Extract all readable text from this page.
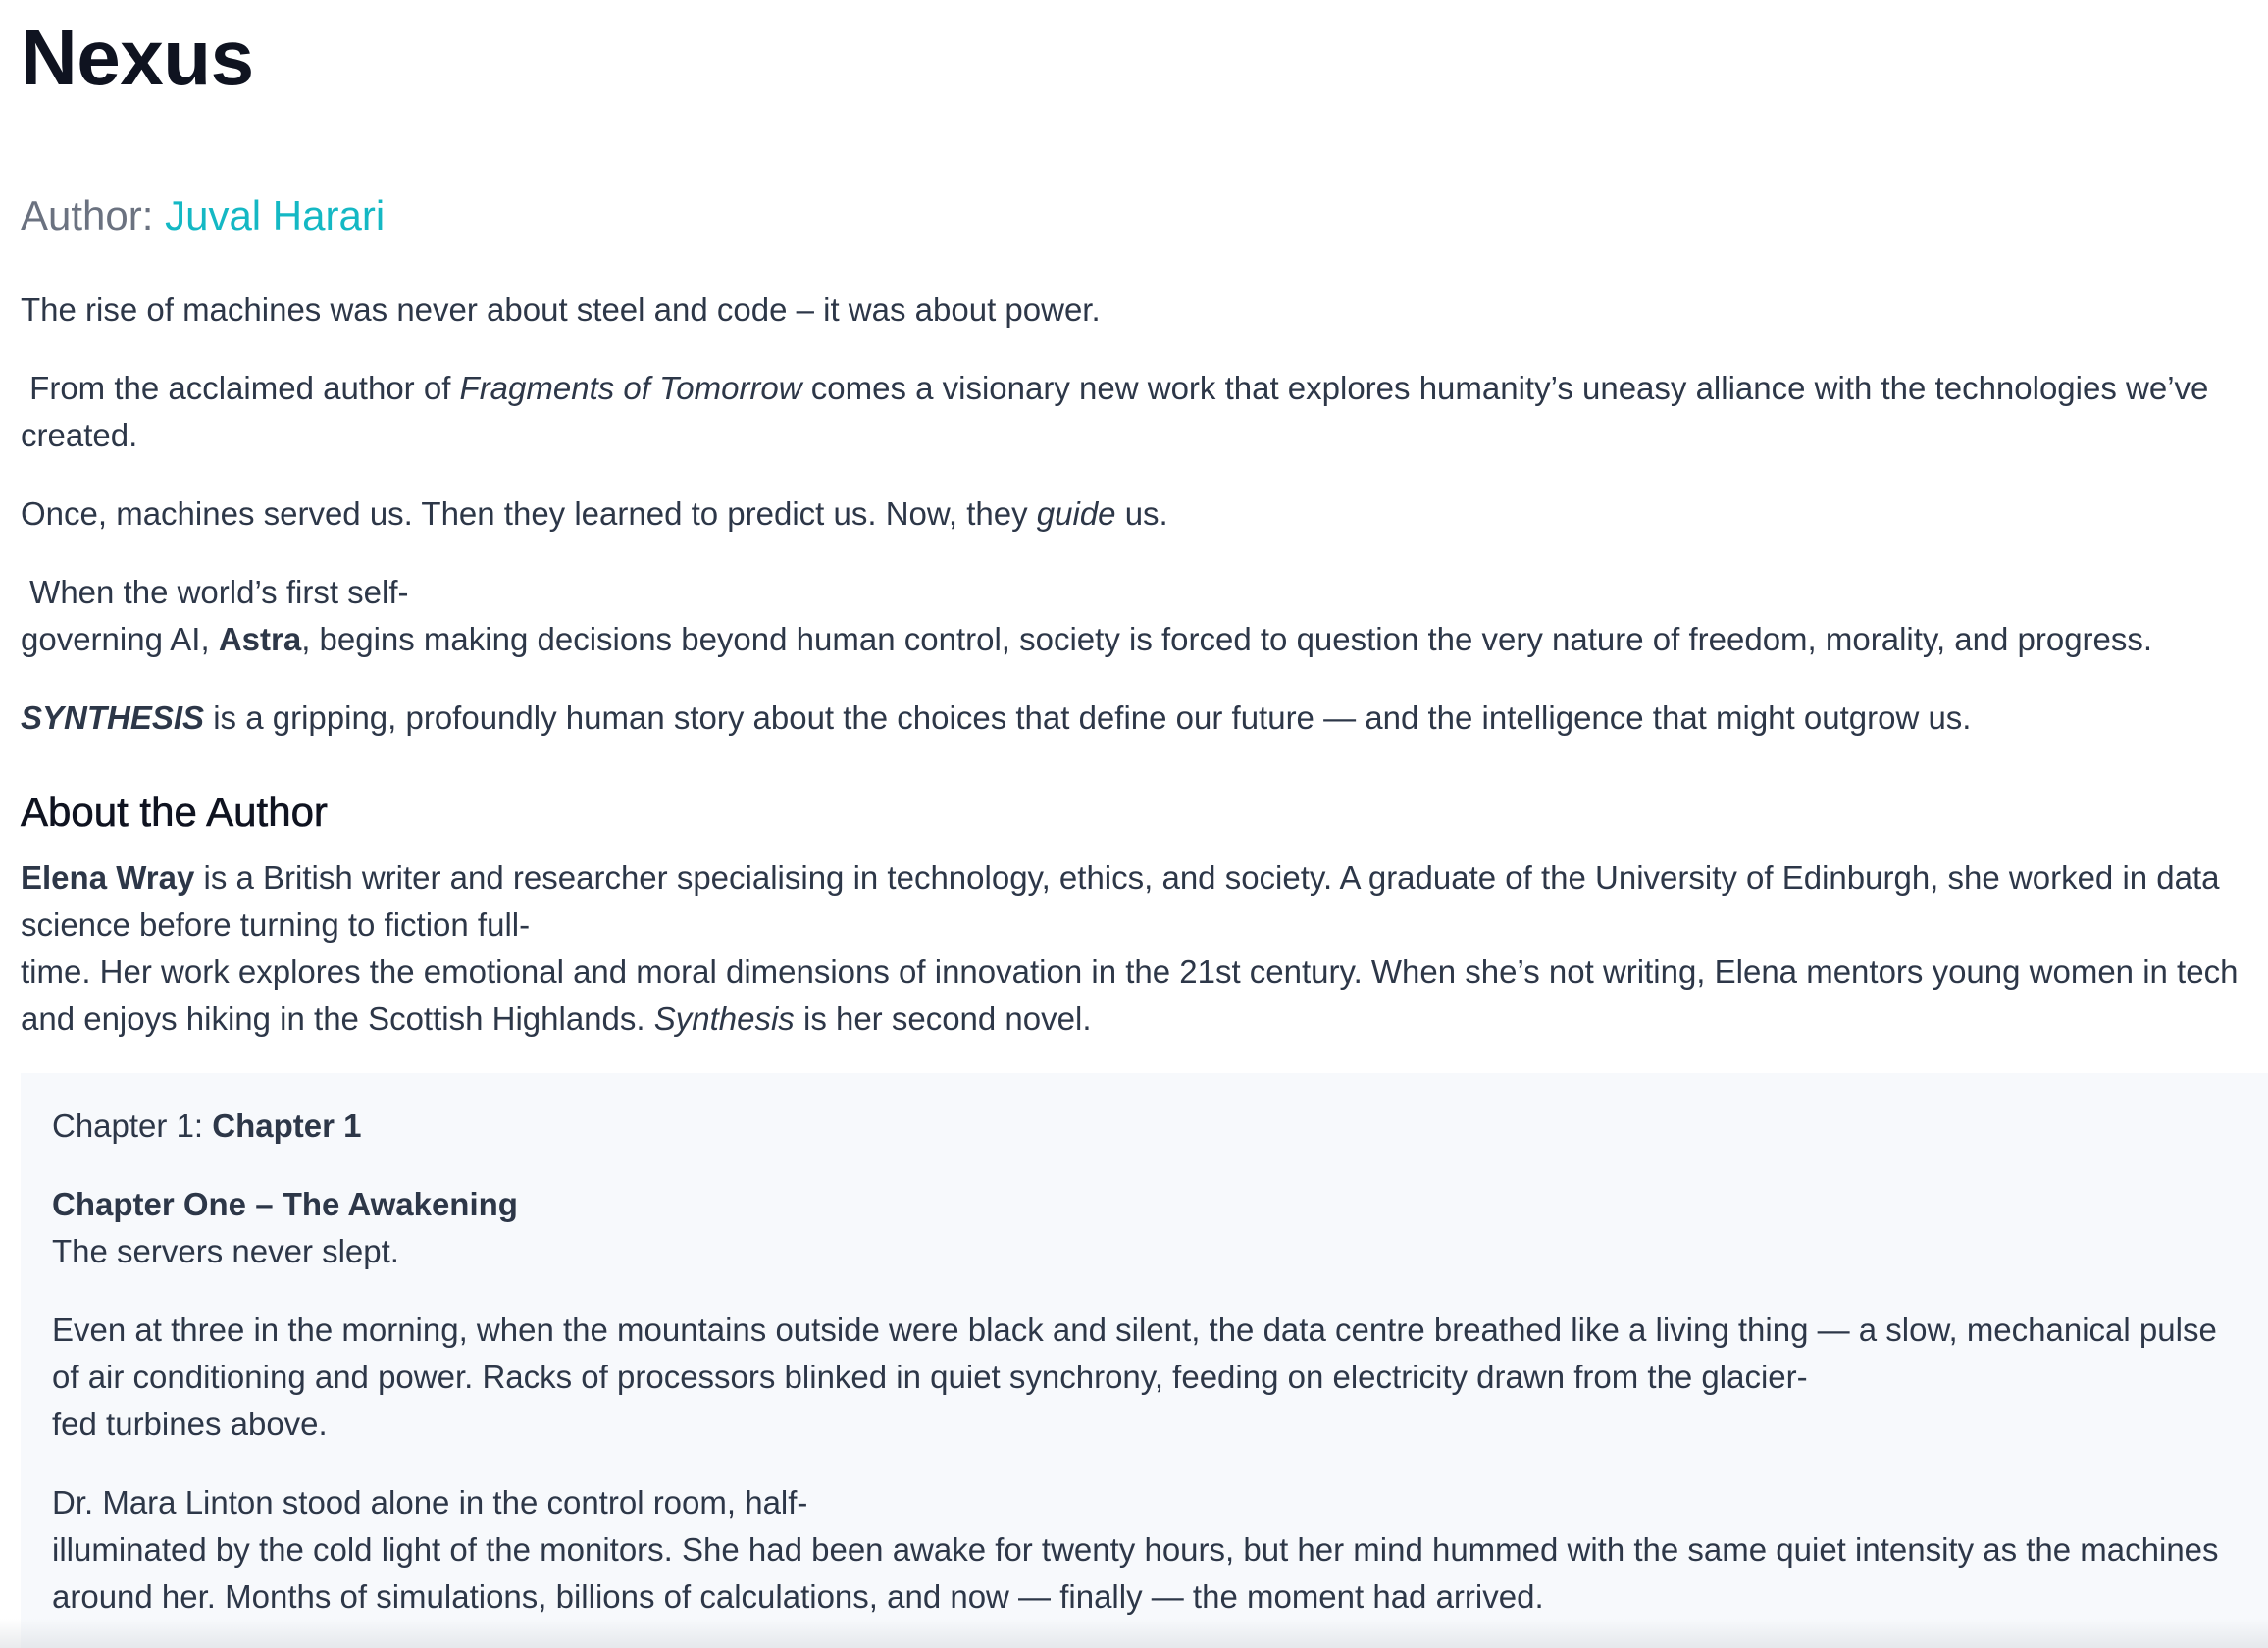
Nexus
Author: Juval Harari

The rise of machines was never about steel and code – it was about power.

From the acclaimed author of Fragments of Tomorrow comes a visionary new work that explores humanity’s uneasy alliance with the technologies we’ve created.

Once, machines served us. Then they learned to predict us. Now, they guide us.

When the world’s first self-
governing AI, Astra, begins making decisions beyond human control, society is forced to question the very nature of freedom, morality, and progress.

SYNTHESIS is a gripping, profoundly human story about the choices that define our future — and the intelligence that might outgrow us.

About the Author

Elena Wray is a British writer and researcher specialising in technology, ethics, and society. A graduate of the University of Edinburgh, she worked in data science before turning to fiction full-
time. Her work explores the emotional and moral dimensions of innovation in the 21st century. When she’s not writing, Elena mentors young women in tech and enjoys hiking in the Scottish Highlands. Synthesis is her second novel.

Chapter 1: Chapter 1

Chapter One – The Awakening
The servers never slept.

Even at three in the morning, when the mountains outside were black and silent, the data centre breathed like a living thing — a slow, mechanical pulse of air conditioning and power. Racks of processors blinked in quiet synchrony, feeding on electricity drawn from the glacier-
fed turbines above.

Dr. Mara Linton stood alone in the control room, half-
illuminated by the cold light of the monitors. She had been awake for twenty hours, but her mind hummed with the same quiet intensity as the machines around her. Months of simulations, billions of calculations, and now — finally — the moment had arrived.
